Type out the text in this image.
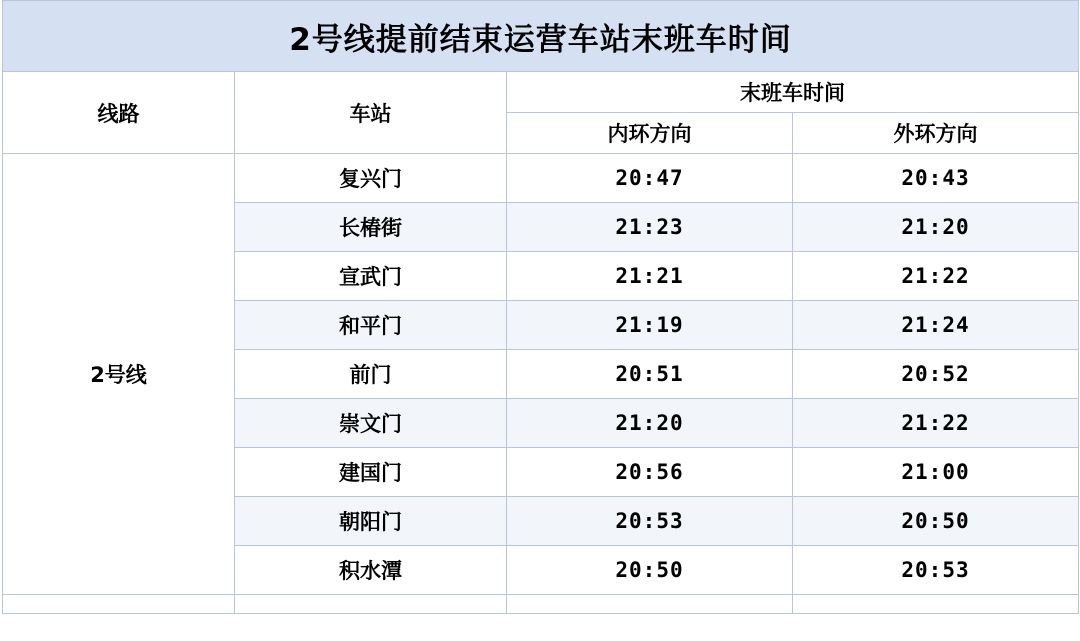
2号线提前结束运营车站末班车时间			
线路	车站	末班车时间	
		内环方向	外环方向
2号线	复兴门	20:47	20:43
	长椿街	21:23	21:20
	宣武门	21:21	21:22
	和平门	21:19	21:24
	前门	20:51	20:52
	崇文门	21:20	21:22
	建国门	20:56	21:00
	朝阳门	20:53	20:50
	积水潭	20:50	20:53
